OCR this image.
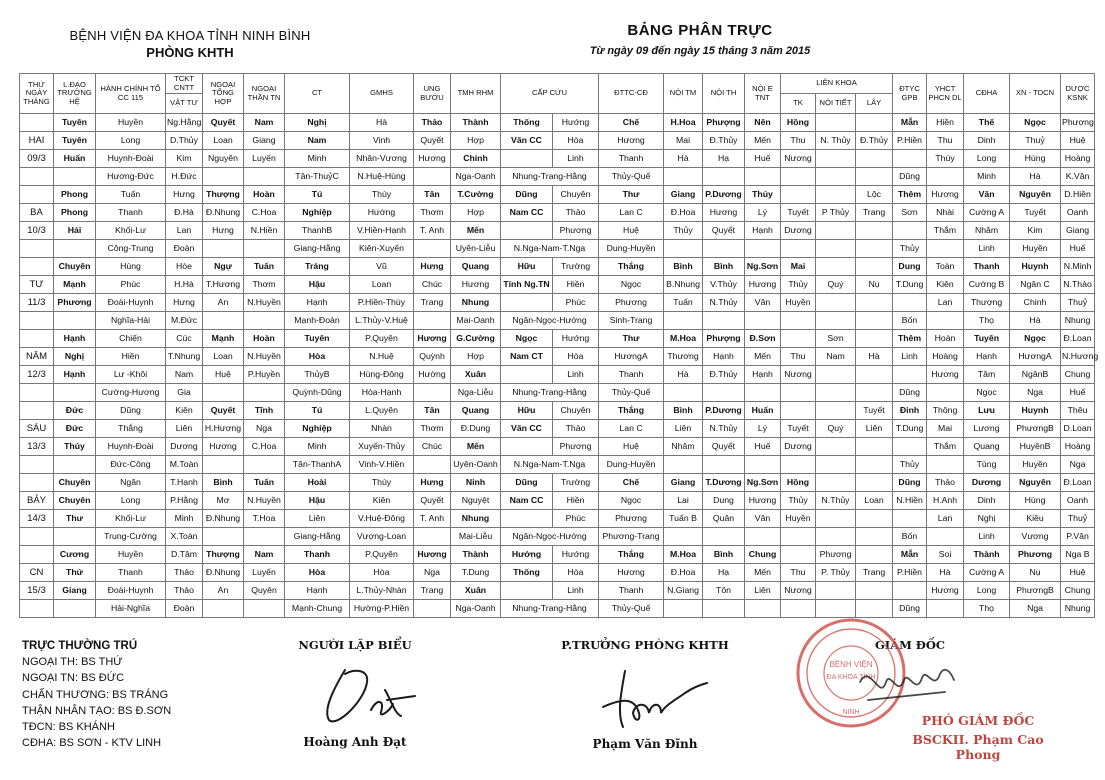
BỆNH VIỆN ĐA KHOA TỈNH NINH BÌNH
PHÒNG KHTH
BẢNG PHÂN TRỰC
Từ ngày 09 đến ngày 15 tháng 3 năm 2015
THỨ NGÀY THÁNG	L.ĐẠO TRƯỜNG HỆ	HÀNH CHÍNH TỔ CC 115	TCKT CNTT	NGOẠI TỔNG HỢP	NGOẠI THẦN TN	CT	GMHS	UNG BƯỚU	TMH RHM	CẤP CỨU		ĐTTC-CĐ	NỘI TM	NỘI TH	NỘI E TNT	LIÊN KHOA			ĐTYC GPB	YHCT PHCN DL	CĐHA	XN - TDCN	DƯỢC KSNK
			VẬT TƯ													TK	NỘI TIẾT	LÂY					
	Tuyên	Huyền	Ng.Hằng	Quyết	Nam	Nghị	Hà	Thảo	Thành	Thống	Hướng	Chế	H.Hoa	Phượng	Nên	Hồng			Mẫn	Hiền	Thế	Ngọc	Phượng
HAI	Tuyên	Long	D.Thủy	Loan	Giang	Nam	Vinh	Quyết	Hợp	Văn CC	Hòa	Hương	Mai	Đ.Thủy	Mến	Thu	N. Thủy	Đ.Thủy	P.Hiền	Thu	Dinh	Thuỷ	Huệ
09/3	Huấn	Huynh-Đoài	Kim	Nguyên	Luyến	Minh	Nhân-Vương	Hương	Chinh		Linh	Thanh	Hà	Hạ	Huế	Nương				Thúy	Long	Hùng	Hoàng
		Hương-Đức	H.Đức			Tân-ThuỷC	N.Huệ-Hùng		Nga-Oanh	Nhung-Trang-Hằng		Thủy-Quế							Dũng		Minh	Hà	K.Vân
	Phong	Tuấn	Hưng	Thượng	Hoàn	Tú	Thùy	Tân	T.Cường	Dũng	Chuyên	Thư	Giang	P.Dương	Thủy			Lộc	Thêm	Hương	Văn	Nguyên	D.Hiền
BA	Phong	Thanh	Đ.Hà	Đ.Nhung	C.Hoa	Nghiệp	Hường	Thơm	Hợp	Nam CC	Thảo	Lan C	Đ.Hoa	Hương	Lý	Tuyết	P Thủy	Trang	Sơn	Nhài	Cường A	Tuyết	Oanh
10/3	Hải	Khối-Lư	Lan	Hưng	N.Hiền	ThanhB	V.Hiền-Hạnh	T. Anh	Mến		Phương	Huệ	Thủy	Quyết	Hạnh	Dương				Thắm	Nhâm	Kim	Giang
		Công-Trung	Đoàn			Giang-Hằng	Kiên-Xuyến		Uyên-Liễu	N.Nga-Nam-T.Nga		Dung-Huyền							Thủy		Linh	Huyền	Huế
	Chuyên	Hùng	Hòe	Ngự	Tuấn	Tráng	Vũ	Hưng	Quang	Hữu	Trường	Thắng	Bình	Bình	Ng.Sơn	Mai			Dung	Toàn	Thanh	Huynh	N.Minh
TƯ	Mạnh	Phúc	H.Hà	T.Hương	Thơm	Hậu	Loan	Chúc	Hương	Tính Ng.TN	Hiền	Ngọc	B.Nhung	V.Thủy	Hương	Thủy	Quý	Nụ	T.Dung	Kiên	Cường B	Ngân C	N.Thảo
11/3	Phương	Đoài-Huynh	Hưng	An	N.Huyền	Hạnh	P.Hiền-Thùy	Trang	Nhung		Phúc	Phương	Tuấn	N.Thủy	Vân	Huyền				Lan	Thượng	Chinh	Thuỷ
		Nghĩa-Hải	M.Đức			Mạnh-Đoàn	L.Thủy-V.Huệ		Mai-Oanh	Ngân-Ngọc-Hướng		Sinh-Trang							Bốn		Thọ	Hà	Nhung
	Hạnh	Chiến	Cúc	Mạnh	Hoàn	Tuyên	P.Quyên	Hương	G.Cường	Ngọc	Hướng	Thư	M.Hoa	Phượng	Đ.Sơn		Sơn		Thêm	Hoàn	Tuyên	Ngọc	Đ.Loan
NĂM	Nghị	Hiền	T.Nhung	Loan	N.Huyền	Hòa	N.Huệ	Quỳnh	Hợp	Nam CT	Hòa	HươngA	Thương	Hạnh	Mến	Thu	Nam	Hà	Linh	Hoàng	Hạnh	HươngA	N.Hương
12/3	Hạnh	Lư -Khôi	Nam	Huệ	P.Huyền	ThủyB	Hùng-Đông	Hường	Xuân		Linh	Thanh	Hà	Đ.Thủy	Hạnh	Nương				Hương	Tâm	NgânB	Chung
		Cường-Hương	Gia			Quỳnh-Dũng	Hòa-Hạnh		Nga-Liễu	Nhung-Trang-Hằng		Thủy-Quế							Dũng		Ngọc	Nga	Huế
	Đức	Dũng	Kiên	Quyết	Tĩnh	Tú	L.Quyên	Tân	Quang	Hữu	Chuyên	Thắng	Bình	P.Dương	Huấn			Tuyết	Đinh	Thông	Lưu	Huynh	Thêu
SÁU	Đức	Thắng	Liên	H.Hương	Nga	Nghiệp	Nhàn	Thơm	Đ.Dung	Văn CC	Thảo	Lan C	Liên	N.Thủy	Lý	Tuyết	Quý	Liên	T.Dung	Mai	Lương	PhươngB	D.Loan
13/3	Thủy	Huynh-Đoài	Dương	Hương	C.Hoa	Minh	Xuyến-Thủy	Chúc	Mến		Phương	Huệ	Nhâm	Quyết	Huế	Dương				Thắm	Quang	HuyềnB	Hoàng
		Đức-Công	M.Toàn			Tân-ThanhA	Vinh-V.Hiền		Uyên-Oanh	N.Nga-Nam-T.Nga		Dung-Huyền							Thủy		Tùng	Huyền	Nga
	Chuyên	Ngân	T.Hạnh	Bình	Tuấn	Hoài	Thùy	Hưng	Ninh	Dũng	Trường	Chế	Giang	T.Dương	Ng.Sơn	Hồng			Dũng	Thảo	Dương	Nguyên	Đ.Loan
BẢY	Chuyên	Long	P.Hằng	Mơ	N.Huyền	Hậu	Kiên	Quyết	Nguyệt	Nam CC	Hiền	Ngọc	Lai	Dung	Hương	Thủy	N.Thủy	Loan	N.Hiền	H.Anh	Dinh	Hùng	Oanh
14/3	Thư	Khối-Lư	Minh	Đ.Nhung	T.Hoa	Liên	V.Huệ-Đông	T. Anh	Nhung		Phúc	Phương	Tuấn B	Quân	Vân	Huyền				Lan	Nghị	Kiều	Thuỷ
		Trung-Cường	X.Toàn			Giang-Hằng	Vượng-Loan		Mai-Liễu	Ngân-Ngọc-Hướng		Phương-Trang							Bốn		Linh	Vương	P.Vân
	Cương	Huyền	D.Tâm	Thượng	Nam	Thanh	P.Quyên	Hương	Thành	Hướng	Hướng	Thắng	M.Hoa	Bình	Chung		Phương		Mẫn	Soi	Thành	Phương	Nga B
CN	Thứ	Thanh	Thảo	Đ.Nhung	Luyến	Hòa	Hòa	Nga	T.Dung	Thống	Hòa	Hương	Đ.Hoa	Hạ	Mến	Thu	P. Thủy	Trang	P.Hiền	Hà	Cường A	Nụ	Huệ
15/3	Giang	Đoài-Huynh	Thảo	An	Quyên	Hạnh	L.Thủy-Nhàn	Trang	Xuân		Linh	Thanh	N.Giang	Tôn	Liên	Nương				Hương	Long	PhươngB	Chung
		Hải-Nghĩa	Đoàn			Mạnh-Chung	Hường-P.Hiền		Nga-Oanh	Nhung-Trang-Hằng		Thủy-Quế							Dũng		Thọ	Nga	Nhung
TRỰC THƯỜNG TRÚ
NGOẠI TH: BS THỨ
NGOẠI TN: BS ĐỨC
CHẤN THƯƠNG: BS TRÁNG
THẬN NHÂN TẠO: BS Đ.SƠN
TĐCN: BS KHÁNH
CĐHA: BS SƠN - KTV LINH
NGƯỜI LẬP BIỂU
Hoàng Anh Đạt
P.TRƯỞNG PHÒNG KHTH
Phạm Văn Đĩnh
GIÁM ĐỐC
BỆNH VIỆN
ĐA KHOA TỈNH
NINH
PHÓ GIÁM ĐỐC
BSCKII. Phạm Cao Phong
